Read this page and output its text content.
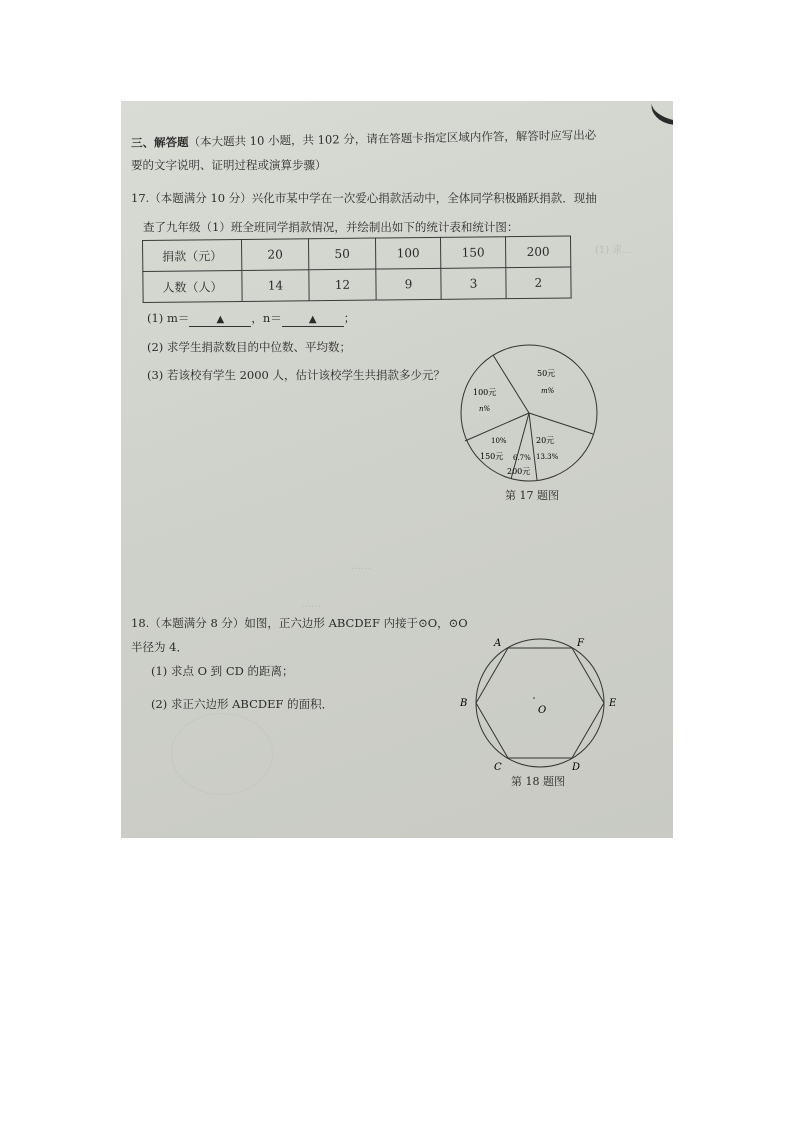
(1) 求…
……
……
三、解答题（本大题共 10 小题，共 102 分，请在答题卡指定区域内作答，解答时应写出必
要的文字说明、证明过程或演算步骤）
17.（本题满分 10 分）兴化市某中学在一次爱心捐款活动中，全体同学积极踊跃捐款．现抽
查了九年级（1）班全班同学捐款情况，并绘制出如下的统计表和统计图：
捐款（元）	20	50	100	150	200
人数（人）	14	12	9	3	2
(1) m＝	▲ ，n＝	▲ ；
(2) 求学生捐款数目的中位数、平均数；
(3) 若该校有学生 2000 人，估计该校学生共捐款多少元？	50元
m%
100元
n%
20元
13.3%
10%
150元 6.7%
200元
第 17 题图
18.（本题满分 8 分）如图，正六边形 ABCDEF 内接于⊙O，⊙O
半径为 4．
(1) 求点 O 到 CD 的距离；
(2) 求正六边形 ABCDEF 的面积．
A	F
B	E
C	D
O
第 18 题图
